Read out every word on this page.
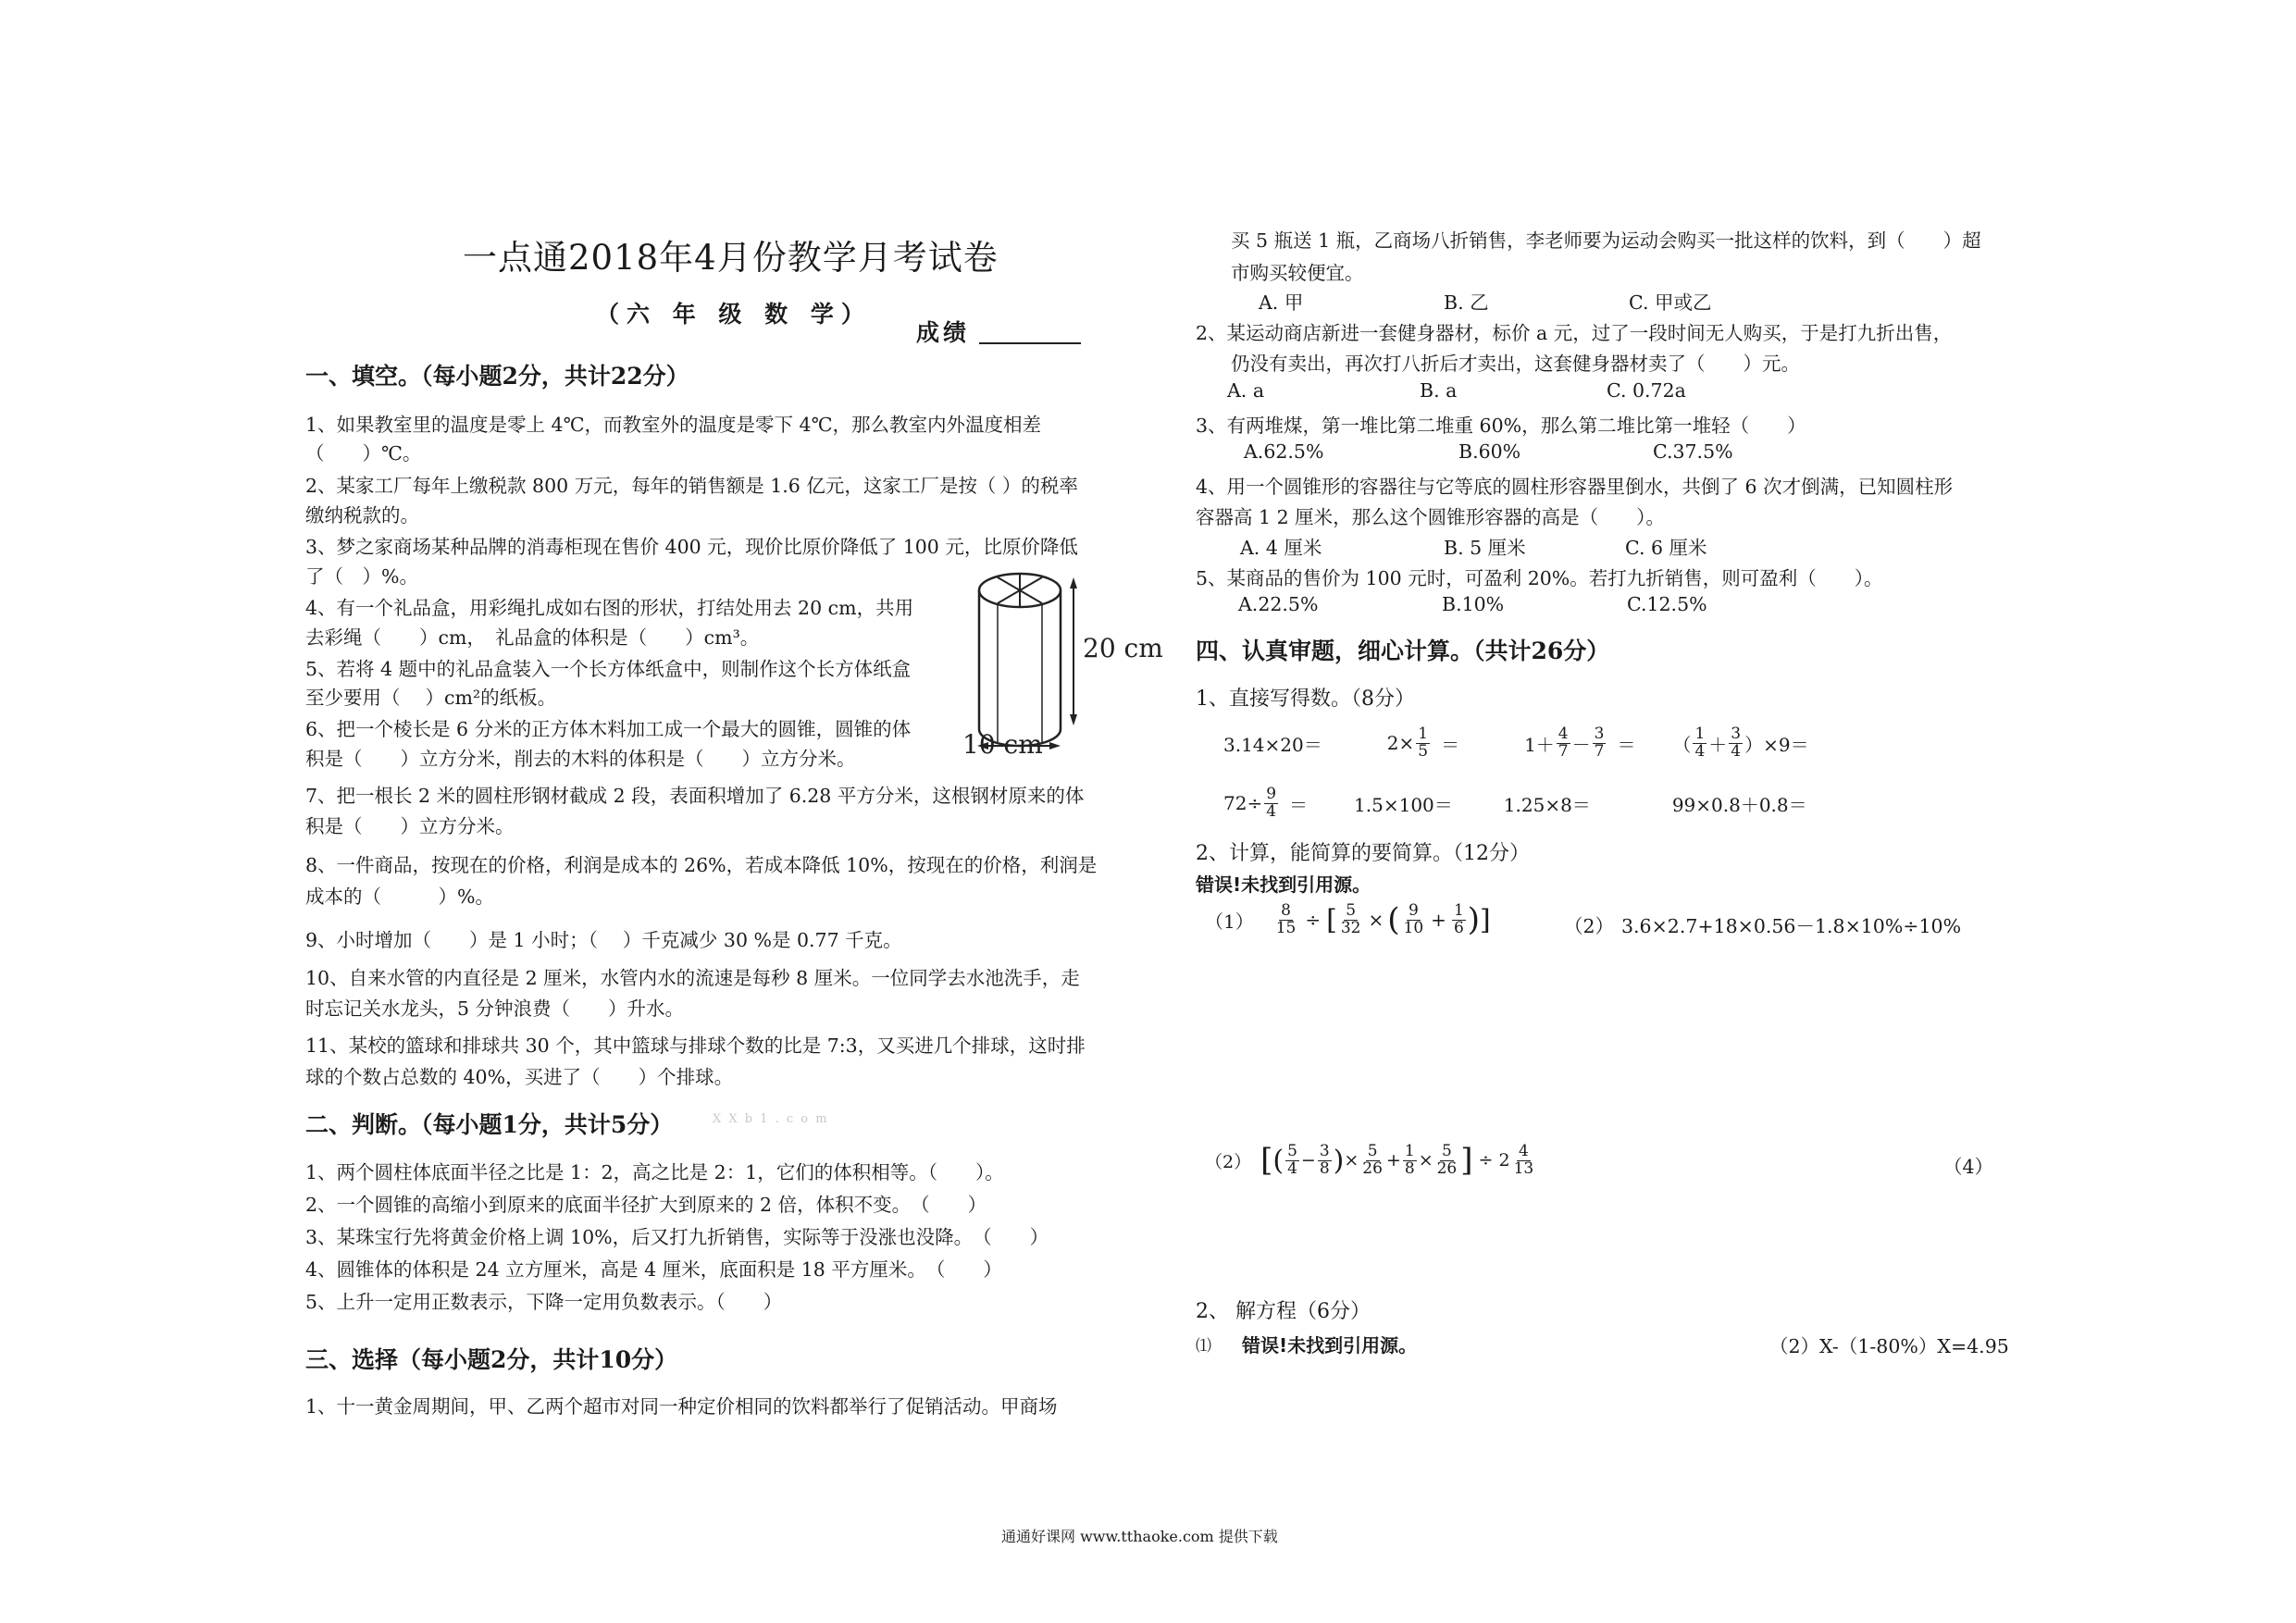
一点通2018年4月份教学月考试卷
（六 年 级 数 学）
成绩
一、填空。（每小题2分，共计22分）
1、如果教室里的温度是零上 4℃，而教室外的温度是零下 4℃，那么教室内外温度相差
（　　）℃。
2、某家工厂每年上缴税款 800 万元，每年的销售额是 1.6 亿元，这家工厂是按（ ）的税率
缴纳税款的。
3、梦之家商场某种品牌的消毒柜现在售价 400 元，现价比原价降低了 100 元，比原价降低
了（　）%。
4、有一个礼品盒，用彩绳扎成如右图的形状，打结处用去 20 cm，共用
去彩绳（　　）cm，　礼品盒的体积是（　　）cm³。
5、若将 4 题中的礼品盒装入一个长方体纸盒中，则制作这个长方体纸盒
至少要用（　 ）cm²的纸板。
6、把一个棱长是 6 分米的正方体木料加工成一个最大的圆锥，圆锥的体
积是（　　）立方分米，削去的木料的体积是（　　）立方分米。
7、把一根长 2 米的圆柱形钢材截成 2 段，表面积增加了 6.28 平方分米，这根钢材原来的体
积是（　　）立方分米。
8、一件商品，按现在的价格，利润是成本的 26%，若成本降低 10%，按现在的价格，利润是
成本的（　　　）%。
9、小时增加（　　）是 1 小时；（　 ）千克减少 30 %是 0.77 千克。
10、自来水管的内直径是 2 厘米，水管内水的流速是每秒 8 厘米。一位同学去水池洗手，走
时忘记关水龙头，5 分钟浪费（　　）升水。
11、某校的篮球和排球共 30 个，其中篮球与排球个数的比是 7:3，又买进几个排球，这时排
球的个数占总数的 40%，买进了（　　）个排球。
20 cm
10 cm
二、判断。（每小题1分，共计5分）	X X b 1 . c o m
1、两个圆柱体底面半径之比是 1：2，高之比是 2：1，它们的体积相等。（　　）。
2、一个圆锥的高缩小到原来的底面半径扩大到原来的 2 倍，体积不变。　（　　）
3、某珠宝行先将黄金价格上调 10%，后又打九折销售，实际等于没涨也没降。　（　　）
4、圆锥体的体积是 24 立方厘米，高是 4 厘米，底面积是 18 平方厘米。　（　　）
5、上升一定用正数表示，下降一定用负数表示。（　　）
三、选择（每小题2分，共计10分）
1、十一黄金周期间，甲、乙两个超市对同一种定价相同的饮料都举行了促销活动。甲商场
买 5 瓶送 1 瓶，乙商场八折销售，李老师要为运动会购买一批这样的饮料，到（　　）超
市购买较便宜。
A. 甲	B. 乙	C. 甲或乙
2、某运动商店新进一套健身器材，标价 a 元，过了一段时间无人购买，于是打九折出售，
仍没有卖出，再次打八折后才卖出，这套健身器材卖了（　　）元。
A. a	B. a	C. 0.72a
3、有两堆煤，第一堆比第二堆重 60%，那么第二堆比第一堆轻（　　）
A.62.5%	B.60%	C.37.5%
4、用一个圆锥形的容器往与它等底的圆柱形容器里倒水，共倒了 6 次才倒满，已知圆柱形
容器高 1 2 厘米，那么这个圆锥形容器的高是（　　）。
A. 4 厘米	B. 5 厘米	C. 6 厘米
5、某商品的售价为 100 元时，可盈利 20%。若打九折销售，则可盈利（　　）。
A.22.5%	B.10%	C.12.5%
四、认真审题，细心计算。（共计26分）
1、直接写得数。（8分）
3.14×20＝	$2\times \frac{1}{5}$ ＝	$1+ \frac{4}{7} - \frac{3}{7}$ ＝ （ $\frac{1}{4} + \frac{3}{4} )\times 9=$
$72\div \frac{9}{4}$ ＝	1.5×100＝	1.25×8＝	99×0.8＋0.8＝
2、计算，能简算的要简算。（12分）
错误!未找到引用源。
$(1) \frac{8}{15}$ ÷ [ $\frac{5}{32}$ × ( $\frac{9}{10} + \frac{1}{6}$ ) ]	（2） 3.6×2.7+18×0.56－1.8×10%÷10%
（2） [ ( $\frac{5}{4} - \frac{3}{8}$ ) × $\frac{5}{26} + \frac{1}{8} \times \frac{5}{26}$ ] ÷ $2 \frac{4}{13}$	（4）
2、 解方程（6分）
⑴ 错误!未找到引用源。	（2）X-（1-80%）X=4.95
通通好课网 www.tthaoke.com 提供下载
